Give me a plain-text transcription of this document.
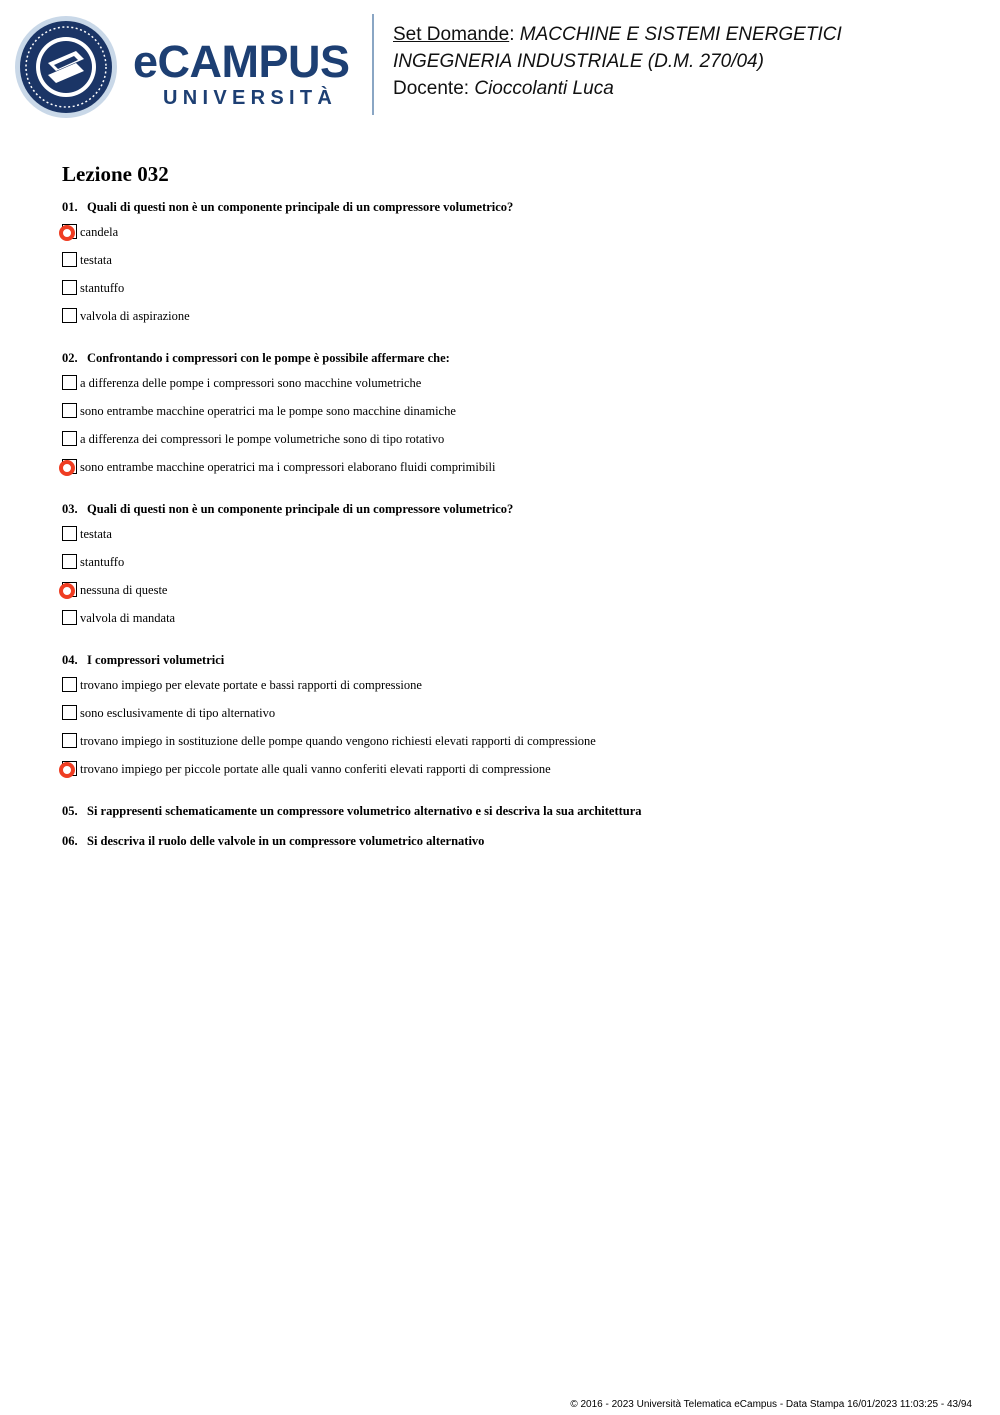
eCAMPUS
UNIVERSITÀ
Set Domande: MACCHINE E SISTEMI ENERGETICI
INGEGNERIA INDUSTRIALE (D.M. 270/04)
Docente: Cioccolanti Luca
Lezione 032
01. Quali di questi non è un componente principale di un compressore volumetrico?
candela
testata
stantuffo
valvola di aspirazione
02. Confrontando i compressori con le pompe è possibile affermare che:
a differenza delle pompe i compressori sono macchine volumetriche
sono entrambe macchine operatrici ma le pompe sono macchine dinamiche
a differenza dei compressori le pompe volumetriche sono di tipo rotativo
sono entrambe macchine operatrici ma i compressori elaborano fluidi comprimibili
03. Quali di questi non è un componente principale di un compressore volumetrico?
testata
stantuffo
nessuna di queste
valvola di mandata
04. I compressori volumetrici
trovano impiego per elevate portate e bassi rapporti di compressione
sono esclusivamente di tipo alternativo
trovano impiego in sostituzione delle pompe quando vengono richiesti elevati rapporti di compressione
trovano impiego per piccole portate alle quali vanno conferiti elevati rapporti di compressione
05. Si rappresenti schematicamente un compressore volumetrico alternativo e si descriva la sua architettura
06. Si descriva il ruolo delle valvole in un compressore volumetrico alternativo
© 2016 - 2023 Università Telematica eCampus - Data Stampa 16/01/2023 11:03:25 - 43/94
